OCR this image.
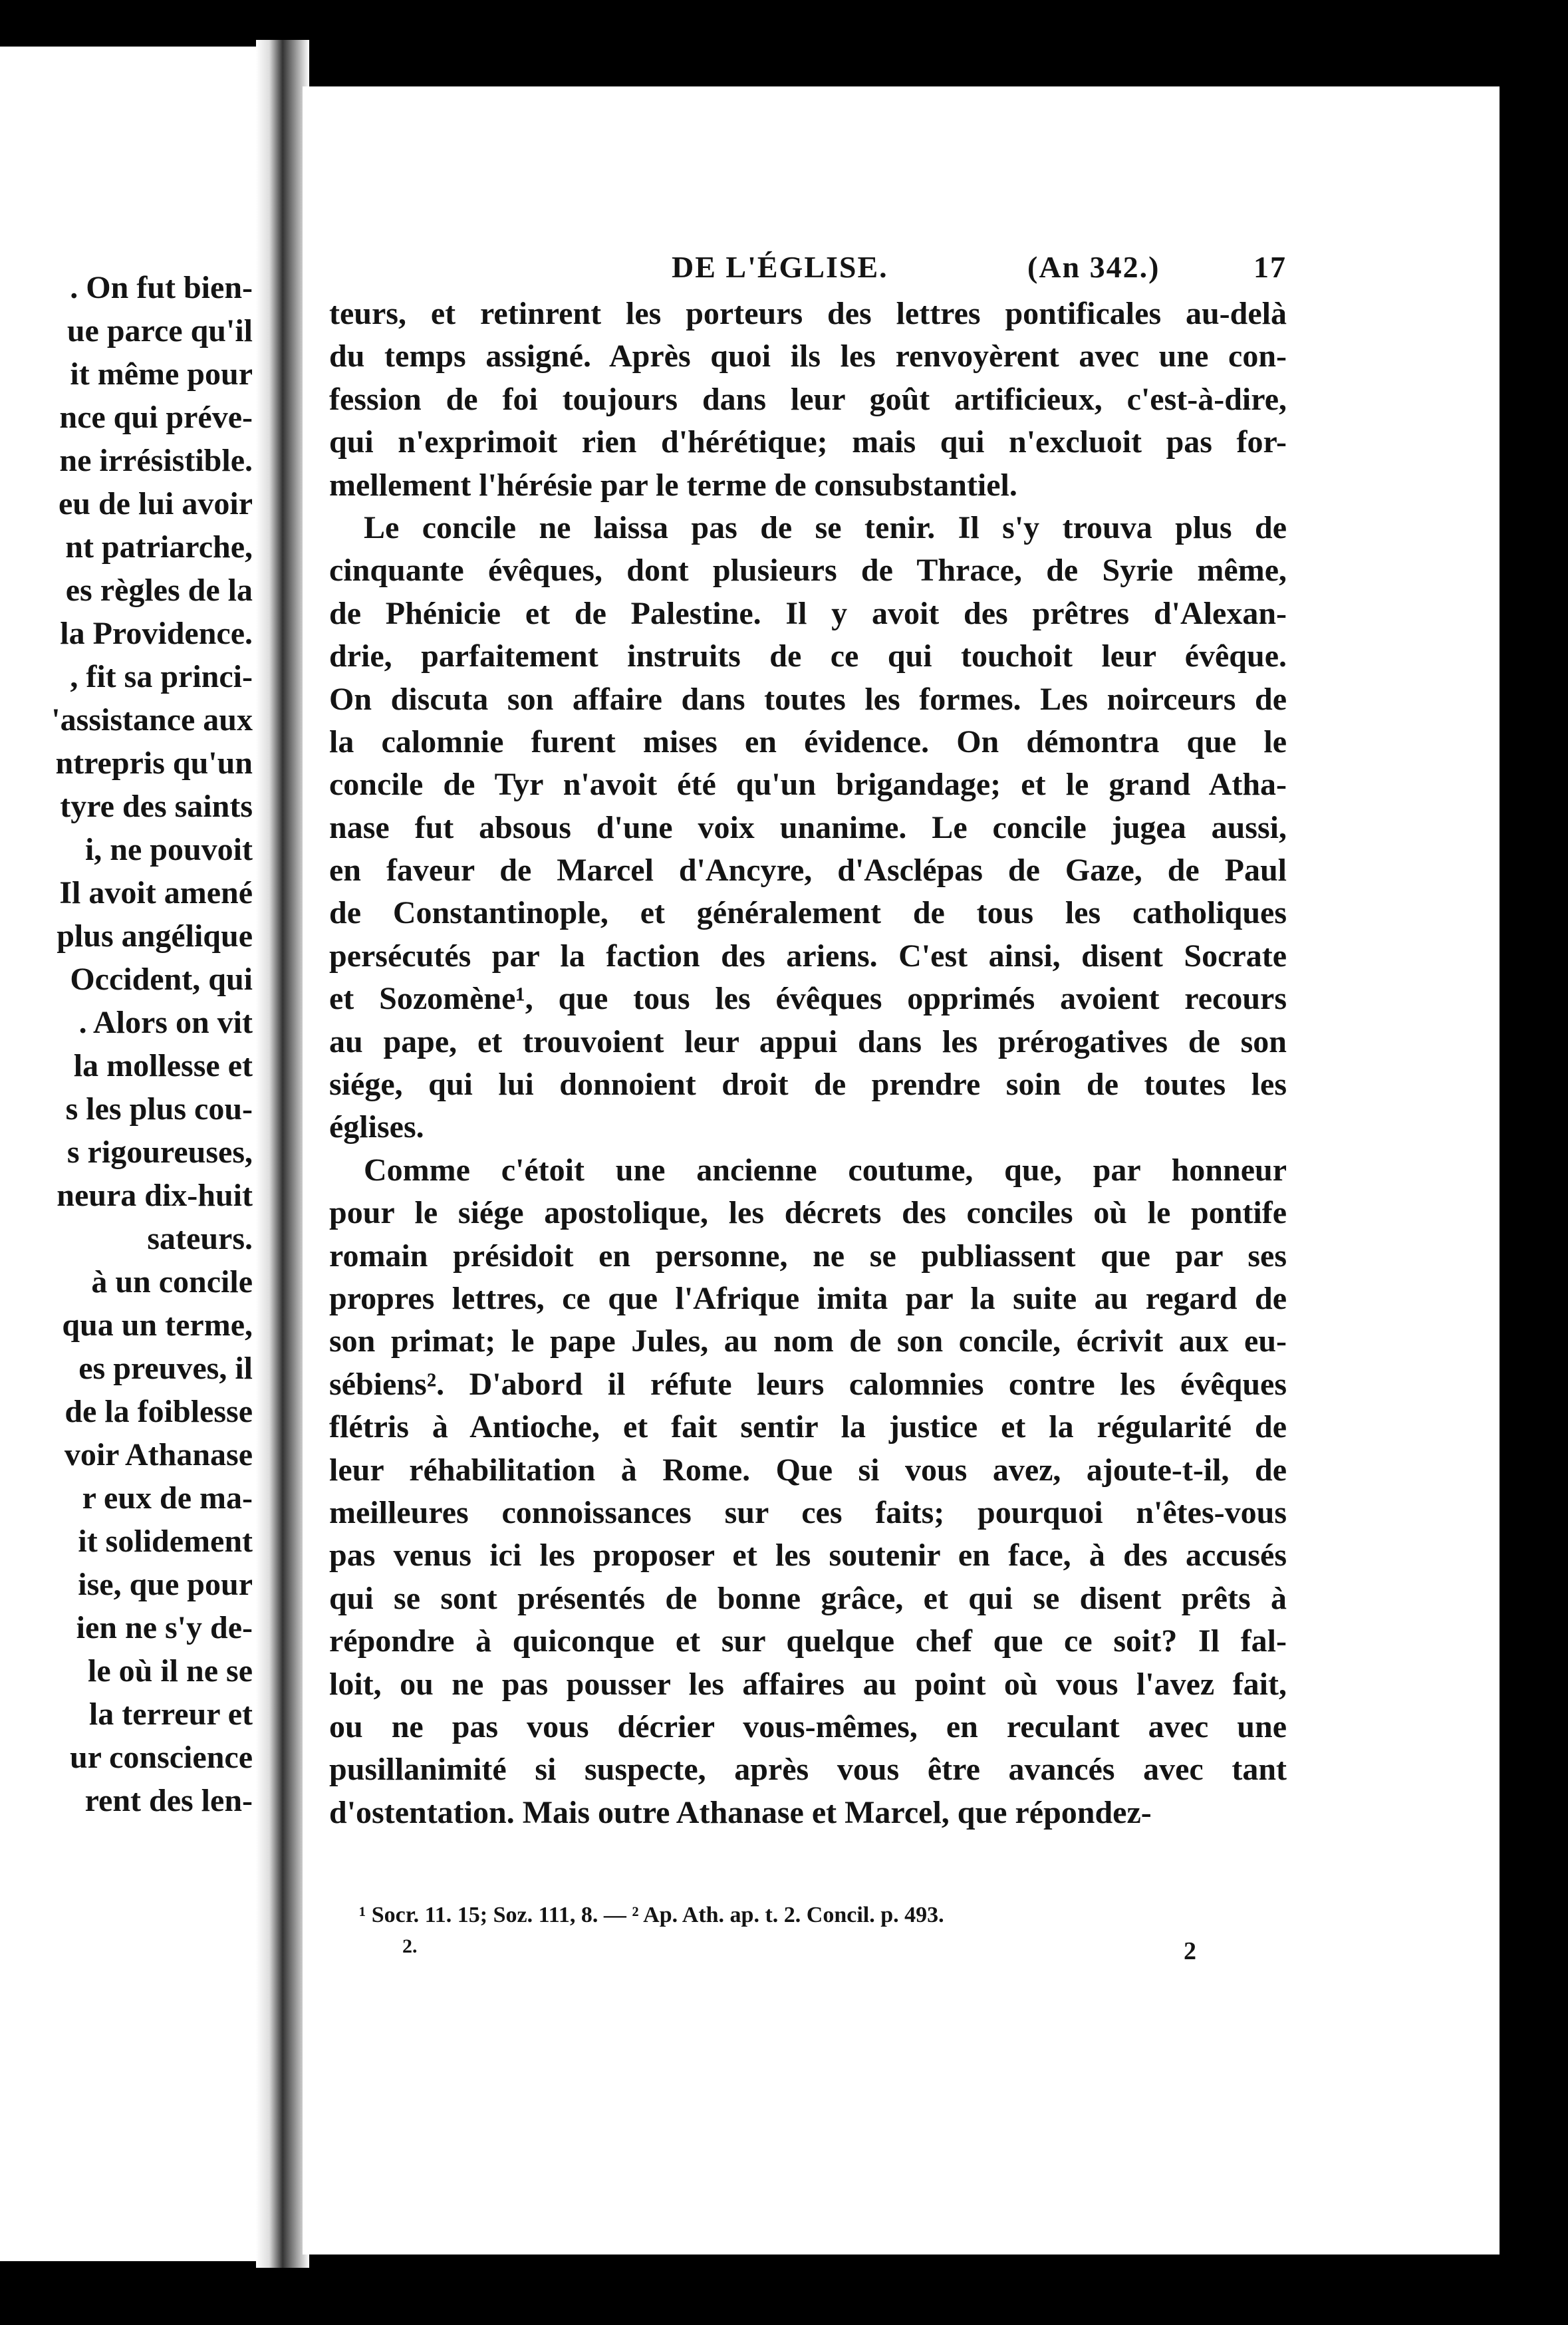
. On fut bien-
ue parce qu'il
it même pour
nce qui préve-
ne irrésistible.
eu de lui avoir
nt patriarche,
es règles de la
la Providence.
, fit sa princi-
'assistance aux
ntrepris qu'un
tyre des saints
i, ne pouvoit
Il avoit amené
plus angélique
Occident, qui
. Alors on vit
la mollesse et
s les plus cou-
s rigoureuses,
neura dix-huit
sateurs.
à un concile
qua un terme,
es preuves, il
de la foiblesse
voir Athanase
r eux de ma-
it solidement
ise, que pour
ien ne s'y de-
le où il ne se
la terreur et
ur conscience
rent des len-
DE L'ÉGLISE.	(An 342.)	17
teurs, et retinrent les porteurs des lettres pontificales au-delà
du temps assigné. Après quoi ils les renvoyèrent avec une con-
fession de foi toujours dans leur goût artificieux, c'est-à-dire,
qui n'exprimoit rien d'hérétique; mais qui n'excluoit pas for-
mellement l'hérésie par le terme de consubstantiel.
Le concile ne laissa pas de se tenir. Il s'y trouva plus de
cinquante évêques, dont plusieurs de Thrace, de Syrie même,
de Phénicie et de Palestine. Il y avoit des prêtres d'Alexan-
drie, parfaitement instruits de ce qui touchoit leur évêque.
On discuta son affaire dans toutes les formes. Les noirceurs de
la calomnie furent mises en évidence. On démontra que le
concile de Tyr n'avoit été qu'un brigandage; et le grand Atha-
nase fut absous d'une voix unanime. Le concile jugea aussi,
en faveur de Marcel d'Ancyre, d'Asclépas de Gaze, de Paul
de Constantinople, et généralement de tous les catholiques
persécutés par la faction des ariens. C'est ainsi, disent Socrate
et Sozomène¹, que tous les évêques opprimés avoient recours
au pape, et trouvoient leur appui dans les prérogatives de son
siége, qui lui donnoient droit de prendre soin de toutes les
églises.
Comme c'étoit une ancienne coutume, que, par honneur
pour le siége apostolique, les décrets des conciles où le pontife
romain présidoit en personne, ne se publiassent que par ses
propres lettres, ce que l'Afrique imita par la suite au regard de
son primat; le pape Jules, au nom de son concile, écrivit aux eu-
sébiens². D'abord il réfute leurs calomnies contre les évêques
flétris à Antioche, et fait sentir la justice et la régularité de
leur réhabilitation à Rome. Que si vous avez, ajoute-t-il, de
meilleures connoissances sur ces faits; pourquoi n'êtes-vous
pas venus ici les proposer et les soutenir en face, à des accusés
qui se sont présentés de bonne grâce, et qui se disent prêts à
répondre à quiconque et sur quelque chef que ce soit? Il fal-
loit, ou ne pas pousser les affaires au point où vous l'avez fait,
ou ne pas vous décrier vous-mêmes, en reculant avec une
pusillanimité si suspecte, après vous être avancés avec tant
d'ostentation. Mais outre Athanase et Marcel, que répondez-
¹ Socr. 11. 15; Soz. 111, 8. — ² Ap. Ath. ap. t. 2. Concil. p. 493.
2.	2
